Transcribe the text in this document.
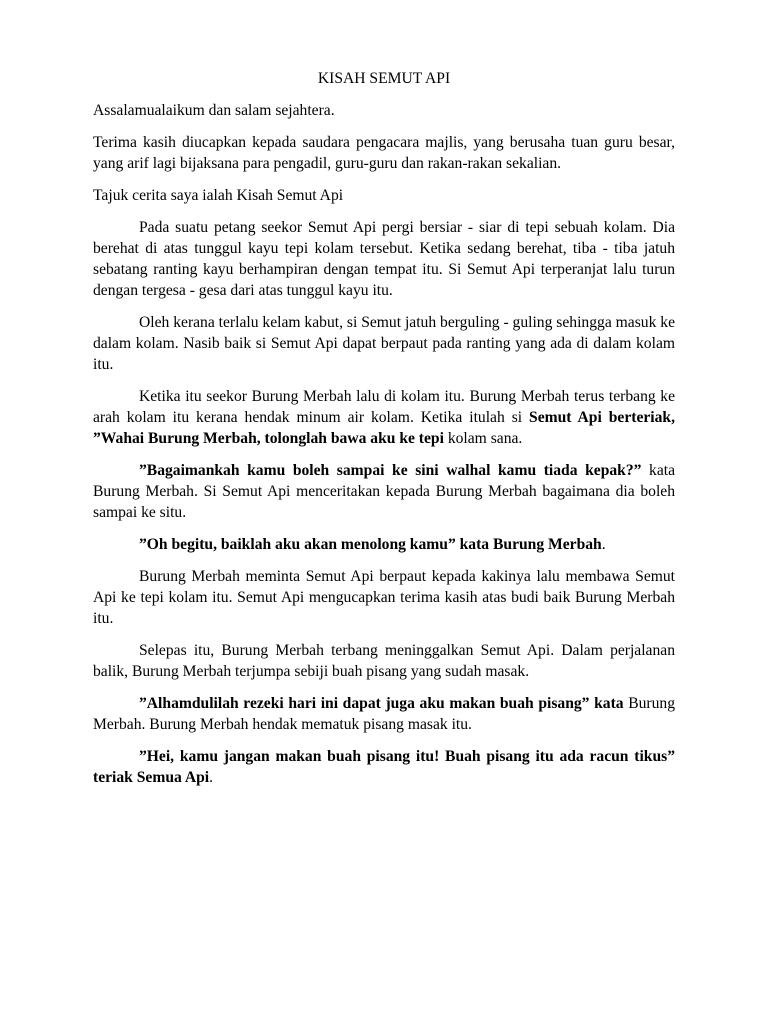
KISAH SEMUT API

Assalamualaikum dan salam sejahtera.

Terima kasih diucapkan kepada saudara pengacara majlis, yang berusaha tuan guru besar, yang arif lagi bijaksana para pengadil, guru-guru dan rakan-rakan sekalian.

Tajuk cerita saya ialah Kisah Semut Api

Pada suatu petang seekor Semut Api pergi bersiar - siar di tepi sebuah kolam. Dia berehat di atas tunggul kayu tepi kolam tersebut. Ketika sedang berehat, tiba - tiba jatuh sebatang ranting kayu berhampiran dengan tempat itu. Si Semut Api terperanjat lalu turun dengan tergesa - gesa dari atas tunggul kayu itu.

Oleh kerana terlalu kelam kabut, si Semut jatuh berguling - guling sehingga masuk ke dalam kolam. Nasib baik si Semut Api dapat berpaut pada ranting yang ada di dalam kolam itu.

Ketika itu seekor Burung Merbah lalu di kolam itu. Burung Merbah terus terbang ke arah kolam itu kerana hendak minum air kolam. Ketika itulah si Semut Api berteriak, ”Wahai Burung Merbah, tolonglah bawa aku ke tepi kolam sana.

”Bagaimankah kamu boleh sampai ke sini walhal kamu tiada kepak?” kata Burung Merbah. Si Semut Api menceritakan kepada Burung Merbah bagaimana dia boleh sampai ke situ.

”Oh begitu, baiklah aku akan menolong kamu” kata Burung Merbah.

Burung Merbah meminta Semut Api berpaut kepada kakinya lalu membawa Semut Api ke tepi kolam itu. Semut Api mengucapkan terima kasih atas budi baik Burung Merbah itu.

Selepas itu, Burung Merbah terbang meninggalkan Semut Api. Dalam perjalanan balik, Burung Merbah terjumpa sebiji buah pisang yang sudah masak.

”Alhamdulilah rezeki hari ini dapat juga aku makan buah pisang” kata Burung Merbah. Burung Merbah hendak mematuk pisang masak itu.

”Hei, kamu jangan makan buah pisang itu! Buah pisang itu ada racun tikus” teriak Semua Api.
